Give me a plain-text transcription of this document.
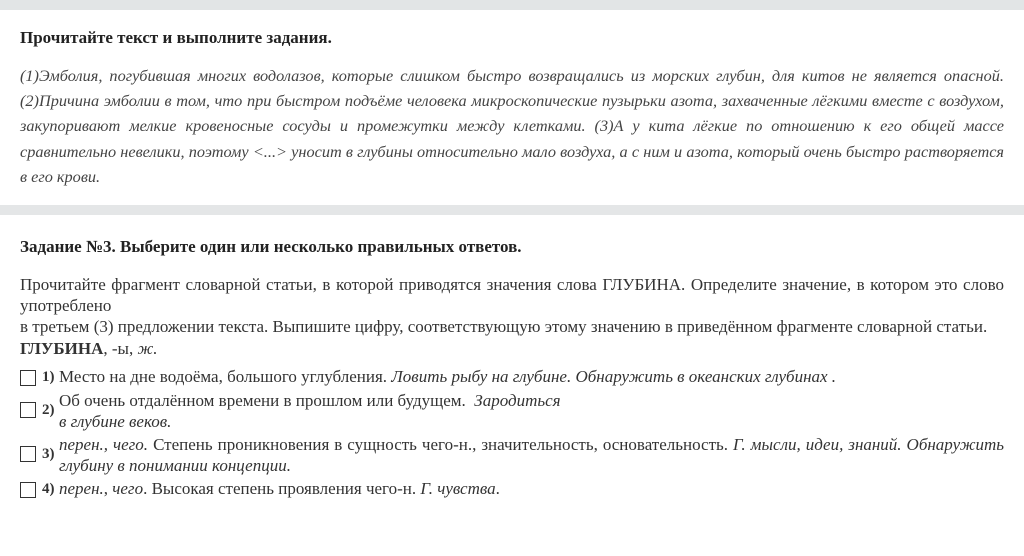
Прочитайте текст и выполните задания.

(1)Эмболия, погубившая многих водолазов, которые слишком быстро возвращались из морских глубин, для китов не является опасной. (2)Причина эмболии в том, что при быстром подъёме человека микроскопические пузырьки азота, захваченные лёгкими вместе с воздухом, закупоривают мелкие кровеносные сосуды и промежутки между клетками. (3)А у кита лёгкие по отношению к его общей массе сравнительно невелики, поэтому <...> уносит в глубины относительно мало воздуха, а с ним и азота, который очень быстро растворяется в его крови.

Задание №3. Выберите один или несколько правильных ответов.

Прочитайте фрагмент словарной статьи, в которой приводятся значения слова ГЛУБИНА. Определите значение, в котором это слово употреблено

в третьем (3) предложении текста. Выпишите цифру, соответствующую этому значению в приведённом фрагменте словарной статьи.

ГЛУБИНА, -ы, ж.
1) Место на дне водоёма, большого углубления. Ловить рыбу на глубине. Обнаружить в океанских глубинах .
2) Об очень отдалённом времени в прошлом или будущем. Зародиться
в глубине веков.
3) перен., чего. Степень проникновения в сущность чего-н., значительность, основательность. Г. мысли, идеи, знаний. Обнаружить глубину в понимании концепции.
4) перен., чего. Высокая степень проявления чего-н. Г. чувства.
